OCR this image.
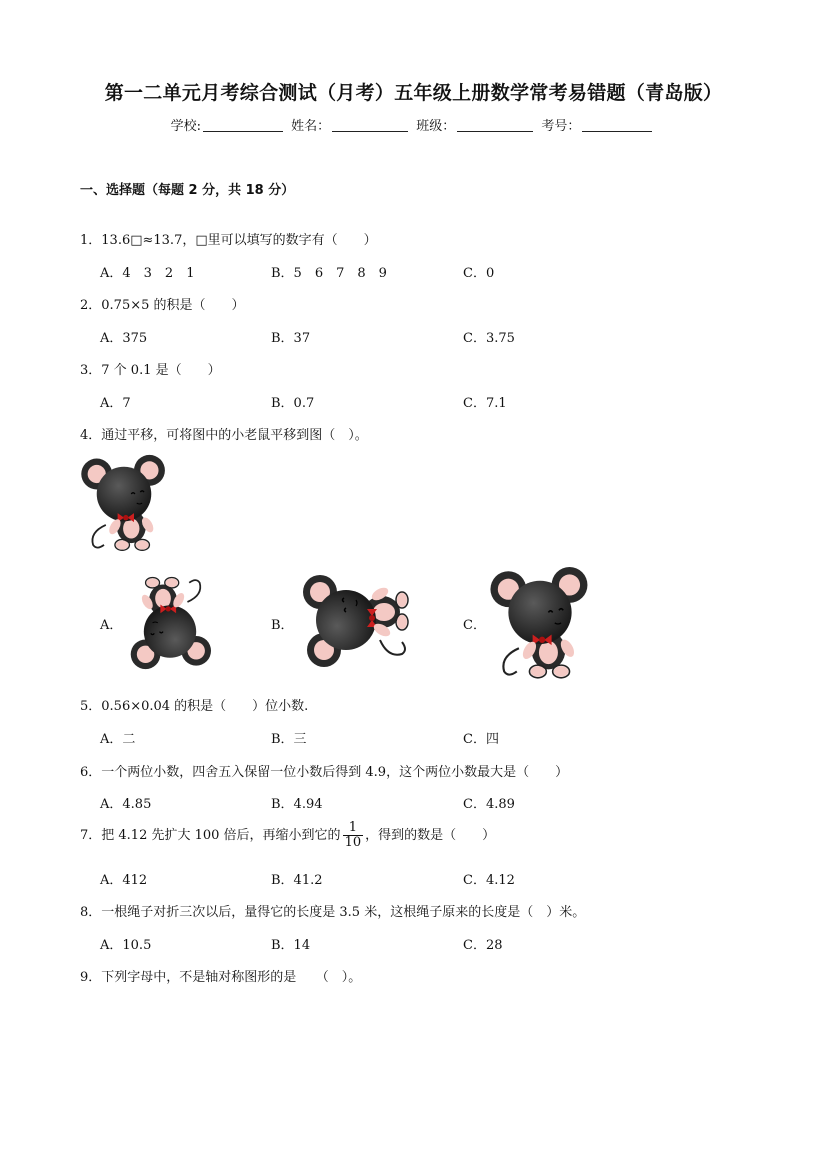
第一二单元月考综合测试（月考）五年级上册数学常考易错题（青岛版）
学校:	姓名：	班级：	考号：
一、选择题（每题 2 分，共 18 分）
1．13.6□≈13.7，□里可以填写的数字有（　　）
A．4　3　2　1	B．5　6　7　8　9	C．0
2．0.75×5 的积是（　　）
A．375	B．37	C．3.75
3．7 个 0.1 是（　　）
A．7	B．0.7	C．7.1
4．通过平移，可将图中的小老鼠平移到图（　）。
A．	B．	C．
5．0.56×0.04 的积是（　　）位小数.
A．二	B．三	C．四
6．一个两位小数，四舍五入保留一位小数后得到 4.9，这个两位小数最大是（　　）
A．4.85	B．4.94	C．4.89
7．把 4.12 先扩大 100 倍后，再缩小到它的 $\frac{1}{10}$ ，得到的数是（　　）
A．412	B．41.2	C．4.12
8．一根绳子对折三次以后，量得它的长度是 3.5 米，这根绳子原来的长度是（　）米。
A．10.5	B．14	C．28
9．下列字母中，不是轴对称图形的是　　（　）。
